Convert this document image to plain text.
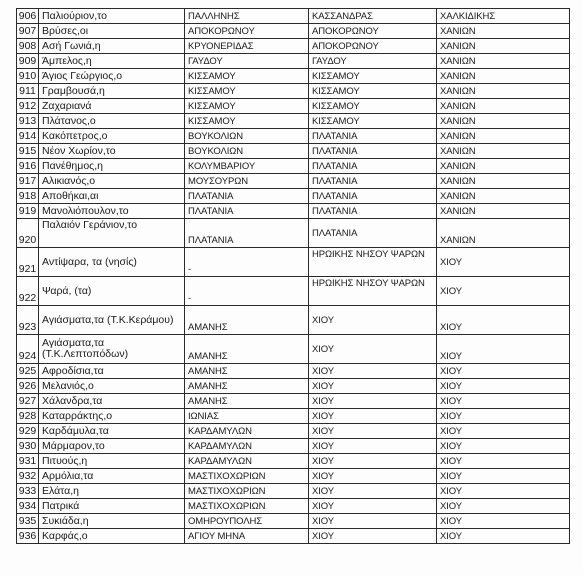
906	Παλιούριον,το	ΠΑΛΛΗΝΗΣ	ΚΑΣΣΑΝΔΡΑΣ	ΧΑΛΚΙΔΙΚΗΣ
907	Βρύσες,οι	ΑΠΟΚΟΡΩΝΟΥ	ΑΠΟΚΟΡΩΝΟΥ	ΧΑΝΙΩΝ
908	Ασή Γωνιά,η	ΚΡΥΟΝΕΡΙΔΑΣ	ΑΠΟΚΟΡΩΝΟΥ	ΧΑΝΙΩΝ
909	Άμπελος,η	ΓΑΥΔΟΥ	ΓΑΥΔΟΥ	ΧΑΝΙΩΝ
910	Άγιος Γεώργιος,ο	ΚΙΣΣΑΜΟΥ	ΚΙΣΣΑΜΟΥ	ΧΑΝΙΩΝ
911	Γραμβουσά,η	ΚΙΣΣΑΜΟΥ	ΚΙΣΣΑΜΟΥ	ΧΑΝΙΩΝ
912	Ζαχαριανά	ΚΙΣΣΑΜΟΥ	ΚΙΣΣΑΜΟΥ	ΧΑΝΙΩΝ
913	Πλάτανος,ο	ΚΙΣΣΑΜΟΥ	ΚΙΣΣΑΜΟΥ	ΧΑΝΙΩΝ
914	Κακόπετρος,ο	ΒΟΥΚΟΛΙΩΝ	ΠΛΑΤΑΝΙΑ	ΧΑΝΙΩΝ
915	Νέον Χωρίον,το	ΒΟΥΚΟΛΙΩΝ	ΠΛΑΤΑΝΙΑ	ΧΑΝΙΩΝ
916	Πανέθημος,η	ΚΟΛΥΜΒΑΡΙΟΥ	ΠΛΑΤΑΝΙΑ	ΧΑΝΙΩΝ
917	Αλικιανός,ο	ΜΟΥΣΟΥΡΩΝ	ΠΛΑΤΑΝΙΑ	ΧΑΝΙΩΝ
918	Αποθήκαι,αι	ΠΛΑΤΑΝΙΑ	ΠΛΑΤΑΝΙΑ	ΧΑΝΙΩΝ
919	Μανολιόπουλον,το	ΠΛΑΤΑΝΙΑ	ΠΛΑΤΑΝΙΑ	ΧΑΝΙΩΝ
920	Παλαιόν Γεράνιον,το	ΠΛΑΤΑΝΙΑ	ΠΛΑΤΑΝΙΑ	ΧΑΝΙΩΝ
921	Αντίψαρα, τα (νησίς)	-	ΗΡΩΙΚΗΣ ΝΗΣΟΥ ΨΑΡΩΝ	ΧΙΟΥ
922	Ψαρά, (τα)	-	ΗΡΩΙΚΗΣ ΝΗΣΟΥ ΨΑΡΩΝ	ΧΙΟΥ
923	Αγιάσματα,τα (Τ.Κ.Κεράμου)	ΑΜΑΝΗΣ	ΧΙΟΥ	ΧΙΟΥ
924	Αγιάσματα,τα (Τ.Κ.Λεπτοπόδων)	ΑΜΑΝΗΣ	ΧΙΟΥ	ΧΙΟΥ
925	Αφροδίσια,τα	ΑΜΑΝΗΣ	ΧΙΟΥ	ΧΙΟΥ
926	Μελανιός,ο	ΑΜΑΝΗΣ	ΧΙΟΥ	ΧΙΟΥ
927	Χάλανδρα,τα	ΑΜΑΝΗΣ	ΧΙΟΥ	ΧΙΟΥ
928	Καταρράκτης,ο	ΙΩΝΙΑΣ	ΧΙΟΥ	ΧΙΟΥ
929	Καρδάμυλα,τα	ΚΑΡΔΑΜΥΛΩΝ	ΧΙΟΥ	ΧΙΟΥ
930	Μάρμαρον,το	ΚΑΡΔΑΜΥΛΩΝ	ΧΙΟΥ	ΧΙΟΥ
931	Πιτυούς,η	ΚΑΡΔΑΜΥΛΩΝ	ΧΙΟΥ	ΧΙΟΥ
932	Αρμόλια,τα	ΜΑΣΤΙΧΟΧΩΡΙΩΝ	ΧΙΟΥ	ΧΙΟΥ
933	Ελάτα,η	ΜΑΣΤΙΧΟΧΩΡΙΩΝ	ΧΙΟΥ	ΧΙΟΥ
934	Πατρικά	ΜΑΣΤΙΧΟΧΩΡΙΩΝ	ΧΙΟΥ	ΧΙΟΥ
935	Συκιάδα,η	ΟΜΗΡΟΥΠΟΛΗΣ	ΧΙΟΥ	ΧΙΟΥ
936	Καρφάς,ο	ΑΓΙΟΥ ΜΗΝΑ	ΧΙΟΥ	ΧΙΟΥ
